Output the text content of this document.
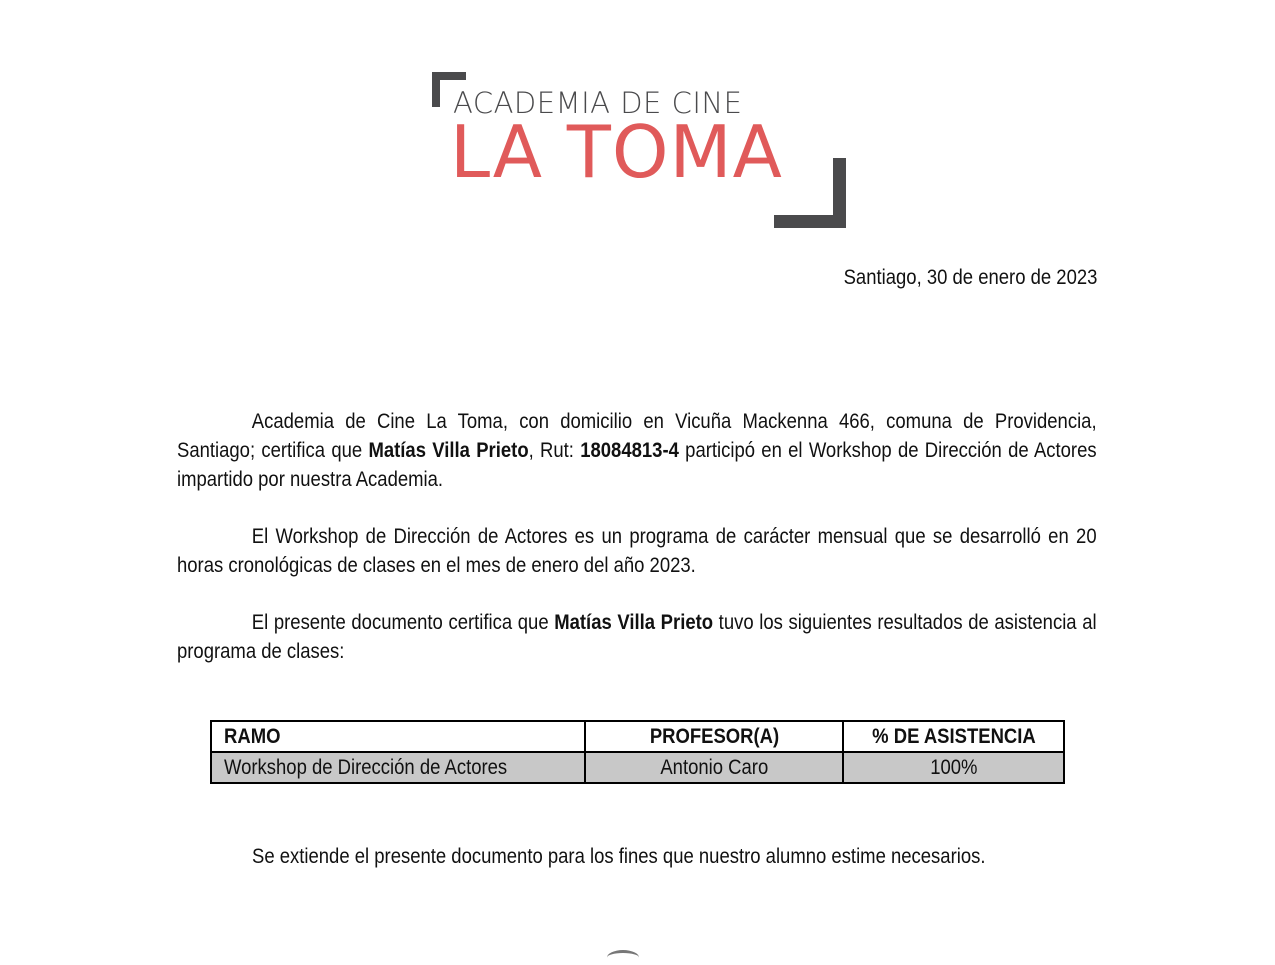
ACADEMIA DE CINE
LA TOMA
Santiago, 30 de enero de 2023
Academia de Cine La Toma, con domicilio en Vicuña Mackenna 466, comuna de Providencia, Santiago; certifica que Matías Villa Prieto, Rut: 18084813-4 participó en el Workshop de Dirección de Actores impartido por nuestra Academia.
El Workshop de Dirección de Actores es un programa de carácter mensual que se desarrolló en 20 horas cronológicas de clases en el mes de enero del año 2023.
El presente documento certifica que Matías Villa Prieto tuvo los siguientes resultados de asistencia al programa de clases:
RAMO	PROFESOR(A)	% DE ASISTENCIA
Workshop de Dirección de Actores	Antonio Caro	100%
Se extiende el presente documento para los fines que nuestro alumno estime necesarios.
